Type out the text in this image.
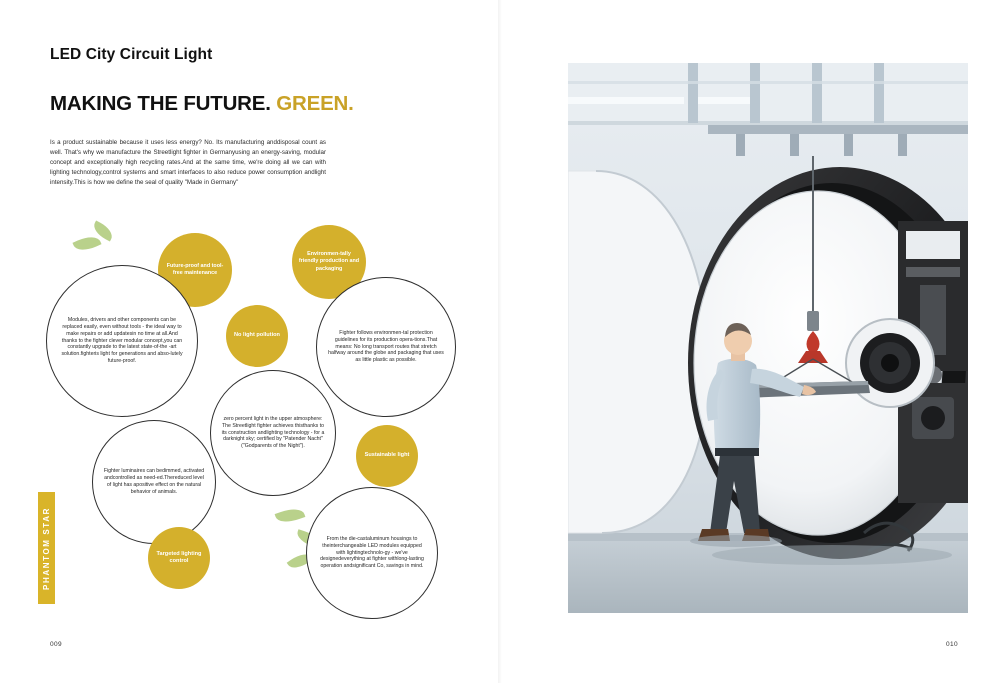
LED City Circuit Light
MAKING THE FUTURE. GREEN.
Is a product sustainable because it uses less energy? No. Its manufacturing anddisposal count as well. That's why we manufacture the Streetlight fighter in Germanyusing an energy-saving, modular concept and exceptionally high recycling rates.And at the same time, we're doing all we can with lighting technology,control systems and smart interfaces to also reduce power consumption andlight intensity.This is how we define the seal of quality "Made in Germany"
PHANTOM STAR
Future-proof and tool-free maintenance
Modules, drivers and other components can be replaced easily, even without tools - the ideal way to make repairs or add updatesin no time at all.And thanks to the fighter clever modular concept,you can constantly upgrade to the latest state-of-the -art solution.fighteris light for generations and abso-lutely future-proof.
Environmen-tally friendly production and packaging
Fighter follows environmen-tal protection guidelines for its production opera-tions.That means: No long transport routes that stretch halfway around the globe and packaging that uses as little plastic as possible.
No light pollution
zero percent light in the upper atmosphere: The Streetlight fighter achieves thisthanks to its construction andlighting technology - for a darknight sky; certified by "Patender Nacht" ("Godparents of the Night").
Sustainable light
From the die-castaluminum housings to theinterchangeable LED modules equipped with lightingtechnolo-gy - we've designedeverything at fighter withlong-lasting operation andsignificant Co, savings in mind.
Fighter luminaires can bedimmed, activated andcontrolled as need-ed.Thereduced level of light has apositive effect on the natural behavior of animals.
Targeted lighting control
009	010
